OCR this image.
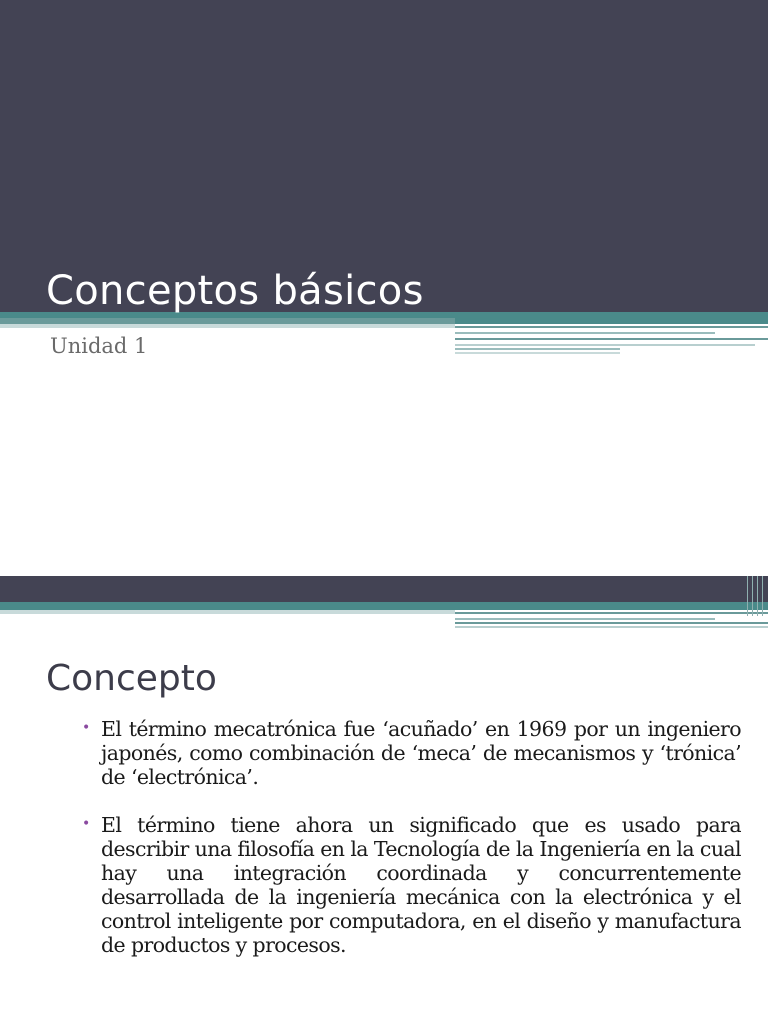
Conceptos básicos
Unidad 1
Concepto
• El término mecatrónica fue ‘acuñado’ en 1969 por un ingeniero japonés, como combinación de ‘meca’ de mecanismos y ‘trónica’ de ‘electrónica’.
• El término tiene ahora un significado que es usado para describir una filosofía en la Tecnología de la Ingeniería en la cual hay una integración coordinada y concurrentemente desarrollada de la ingeniería mecánica con la electrónica y el control inteligente por computadora, en el diseño y manufactura de productos y procesos.
